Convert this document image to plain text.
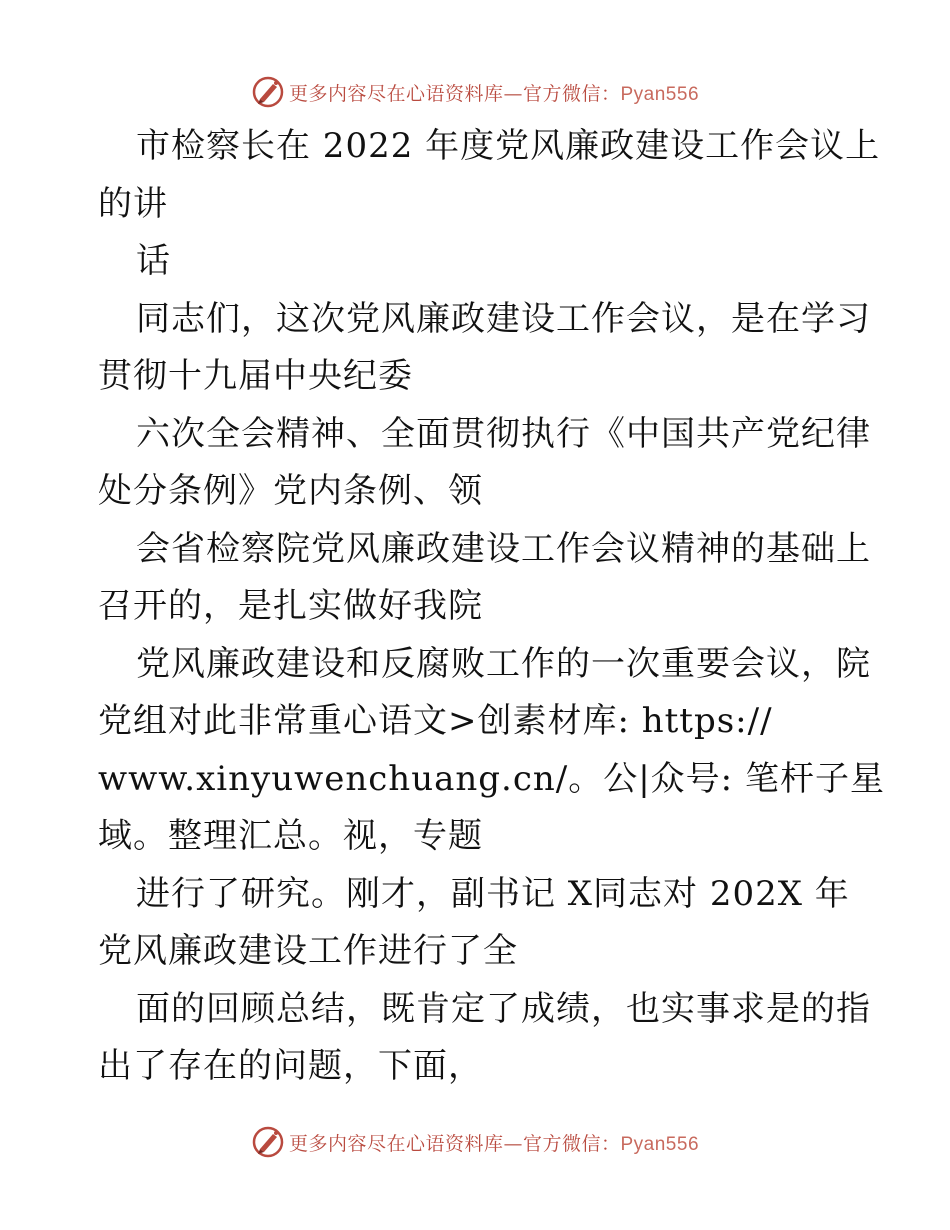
更多内容尽在心语资料库—官方微信：Pyan556
市检察长在 2022 年度党风廉政建设工作会议上
的讲
话
同志们，这次党风廉政建设工作会议，是在学习
贯彻十九届中央纪委
六次全会精神、全面贯彻执行《中国共产党纪律
处分条例》党内条例、领
会省检察院党风廉政建设工作会议精神的基础上
召开的，是扎实做好我院
党风廉政建设和反腐败工作的一次重要会议，院
党组对此非常重心语文>创素材库: https://
www.xinyuwenchuang.cn/。公|众号: 笔杆子星
域。整理汇总。视，专题
进行了研究。刚才，副书记 X同志对 202X 年
党风廉政建设工作进行了全
面的回顾总结，既肯定了成绩，也实事求是的指
出了存在的问题，下面，
更多内容尽在心语资料库—官方微信：Pyan556
